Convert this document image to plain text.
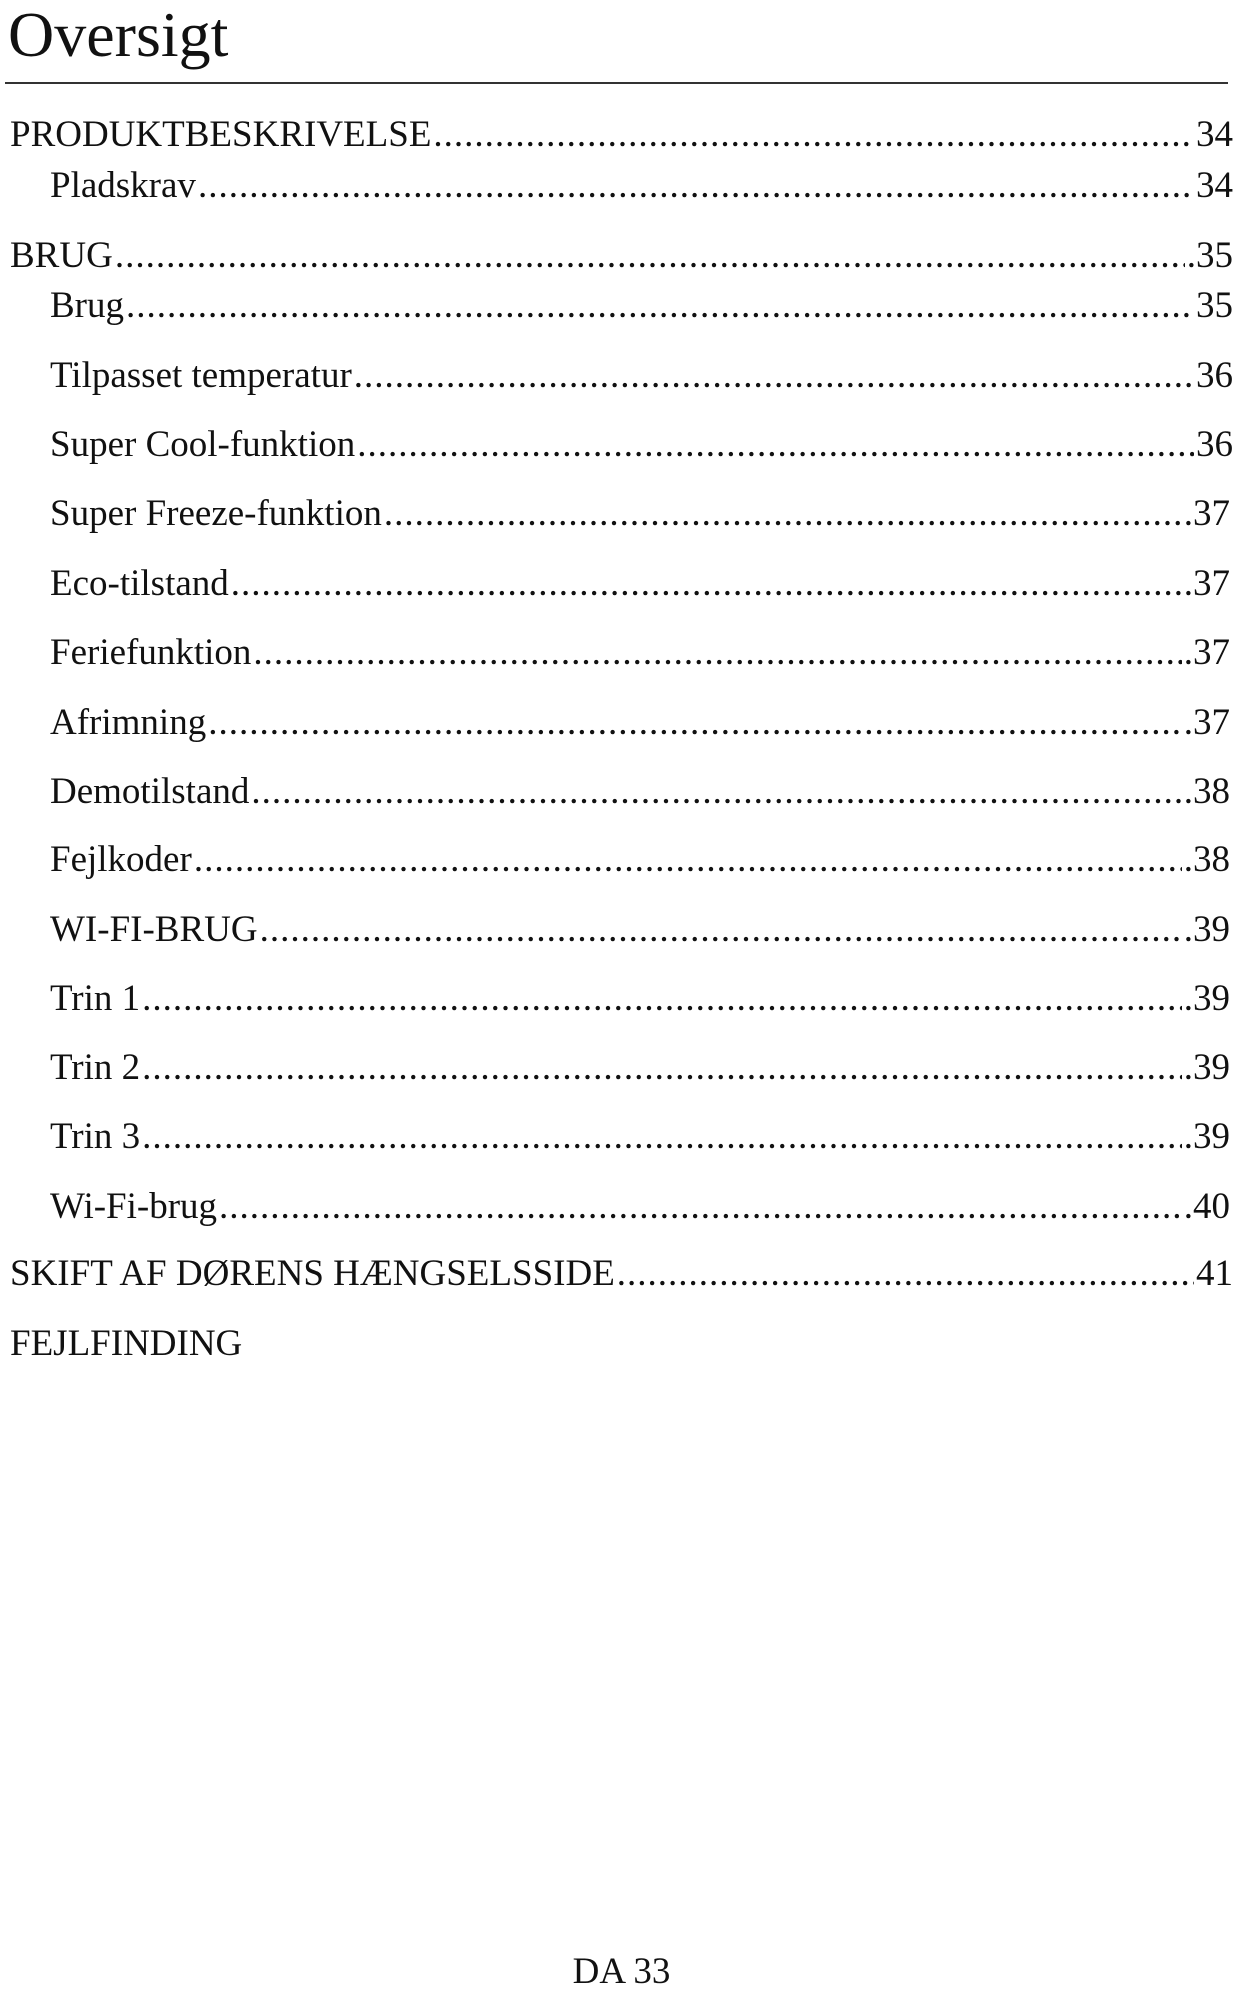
Oversigt
PRODUKTBESKRIVELSE .....	34
Pladskrav .....	34
BRUG .....	.35
Brug .....	35
Tilpasset temperatur .....	36
Super Cool-funktion .....	36
Super Freeze-funktion .....	.37
Eco-tilstand .....	.37
Feriefunktion .....	.37
Afrimning .....	.37
Demotilstand .....	.38
Fejlkoder .....	.38
WI-FI-BRUG .....	.39
Trin 1 .....	.39
Trin 2 .....	.39
Trin 3 .....	.39
Wi-Fi-brug .....	.40
SKIFT AF DØRENS HÆNGSELSSIDE .....	41
FEJLFINDING
DA 33
